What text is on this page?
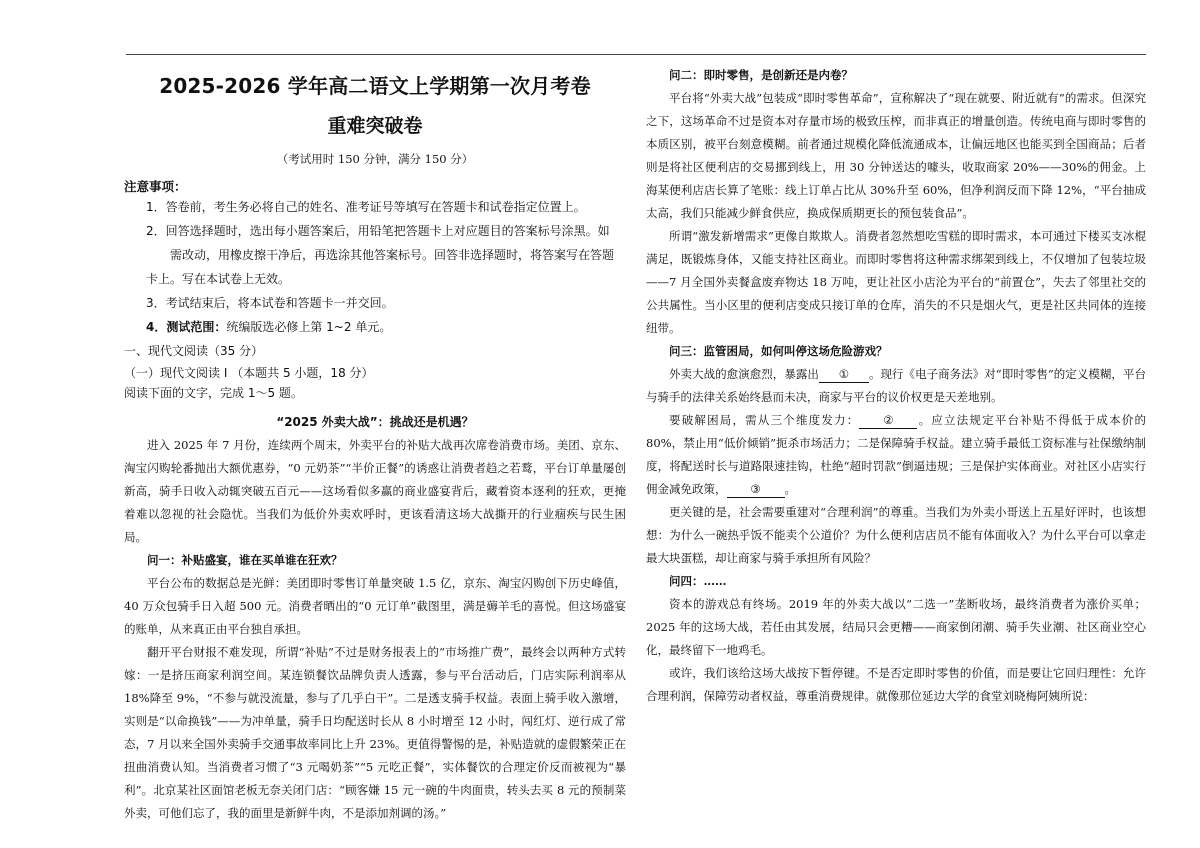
2025-2026 学年高二语文上学期第一次月考卷
重难突破卷
（考试用时 150 分钟，满分 150 分）
注意事项：
1．答卷前，考生务必将自己的姓名、准考证号等填写在答题卡和试卷指定位置上。
2．回答选择题时，选出每小题答案后，用铅笔把答题卡上对应题目的答案标号涂黑。如
需改动，用橡皮擦干净后，再选涂其他答案标号。回答非选择题时，将答案写在答题
卡上。写在本试卷上无效。
3．考试结束后，将本试卷和答题卡一并交回。
4．测试范围：统编版选必修上第 1~2 单元。
一、现代文阅读（35 分）
（一）现代文阅读 I （本题共 5 小题，18 分）
阅读下面的文字，完成 1～5 题。
“2025 外卖大战”：挑战还是机遇？

进入 2025 年 7 月份，连续两个周末，外卖平台的补贴大战再次席卷消费市场。美团、京东、淘宝闪购轮番抛出大额优惠券，“0 元奶茶”“半价正餐”的诱惑让消费者趋之若鹜，平台订单量屡创新高，骑手日收入动辄突破五百元——这场看似多赢的商业盛宴背后，藏着资本逐利的狂欢，更掩着难以忽视的社会隐忧。当我们为低价外卖欢呼时，更该看清这场大战撕开的行业痼疾与民生困局。

问一：补贴盛宴，谁在买单谁在狂欢？

平台公布的数据总是光鲜：美团即时零售订单量突破 1.5 亿，京东、淘宝闪购创下历史峰值，40 万众包骑手日入超 500 元。消费者晒出的“0 元订单”截图里，满是薅羊毛的喜悦。但这场盛宴的账单，从来真正由平台独自承担。

翻开平台财报不难发现，所谓“补贴”不过是财务报表上的“市场推广费”，最终会以两种方式转嫁：一是挤压商家利润空间。某连锁餐饮品牌负责人透露，参与平台活动后，门店实际利润率从 18%降至 9%，“不参与就没流量，参与了几乎白干”。二是透支骑手权益。表面上骑手收入激增，实则是“以命换钱”——为冲单量，骑手日均配送时长从 8 小时增至 12 小时，闯红灯、逆行成了常态，7 月以来全国外卖骑手交通事故率同比上升 23%。更值得警惕的是，补贴造就的虚假繁荣正在扭曲消费认知。当消费者习惯了“3 元喝奶茶”“5 元吃正餐”，实体餐饮的合理定价反而被视为“暴利”。北京某社区面馆老板无奈关闭门店：“顾客嫌 15 元一碗的牛肉面贵，转头去买 8 元的预制菜外卖，可他们忘了，我的面里是新鲜牛肉，不是添加剂调的汤。”

问二：即时零售，是创新还是内卷？

平台将“外卖大战”包装成“即时零售革命”，宣称解决了“现在就要、附近就有”的需求。但深究之下，这场革命不过是资本对存量市场的极致压榨，而非真正的增量创造。传统电商与即时零售的本质区别，被平台刻意模糊。前者通过规模化降低流通成本，让偏远地区也能买到全国商品；后者则是将社区便利店的交易挪到线上，用 30 分钟送达的噱头，收取商家 20%——30%的佣金。上海某便利店店长算了笔账：线上订单占比从 30%升至 60%，但净利润反而下降 12%，“平台抽成太高，我们只能减少鲜食供应，换成保质期更长的预包装食品”。

所谓“激发新增需求”更像自欺欺人。消费者忽然想吃雪糕的即时需求，本可通过下楼买支冰棍满足，既锻炼身体，又能支持社区商业。而即时零售将这种需求绑架到线上，不仅增加了包装垃圾——7 月全国外卖餐盒废弃物达 18 万吨，更让社区小店沦为平台的“前置仓”，失去了邻里社交的公共属性。当小区里的便利店变成只接订单的仓库，消失的不只是烟火气，更是社区共同体的连接纽带。

问三：监管困局，如何叫停这场危险游戏？

外卖大战的愈演愈烈，暴露出 ① 。现行《电子商务法》对“即时零售”的定义模糊，平台与骑手的法律关系始终悬而未决，商家与平台的议价权更是天差地别。

要破解困局，需从三个维度发力： ② 。应立法规定平台补贴不得低于成本价的 80%，禁止用“低价倾销”扼杀市场活力；二是保障骑手权益。建立骑手最低工资标准与社保缴纳制度，将配送时长与道路限速挂钩，杜绝“超时罚款”倒逼违规；三是保护实体商业。对社区小店实行佣金减免政策， ③ 。

更关键的是，社会需要重建对“合理利润”的尊重。当我们为外卖小哥送上五星好评时，也该想想：为什么一碗热乎饭不能卖个公道价？为什么便利店店员不能有体面收入？为什么平台可以拿走最大块蛋糕，却让商家与骑手承担所有风险？

问四：……

资本的游戏总有终场。2019 年的外卖大战以“二选一”垄断收场，最终消费者为涨价买单；2025 年的这场大战，若任由其发展，结局只会更糟——商家倒闭潮、骑手失业潮、社区商业空心化，最终留下一地鸡毛。

或许，我们该给这场大战按下暂停键。不是否定即时零售的价值，而是要让它回归理性：允许合理利润，保障劳动者权益，尊重消费规律。就像那位延边大学的食堂刘晓梅阿姨所说：
